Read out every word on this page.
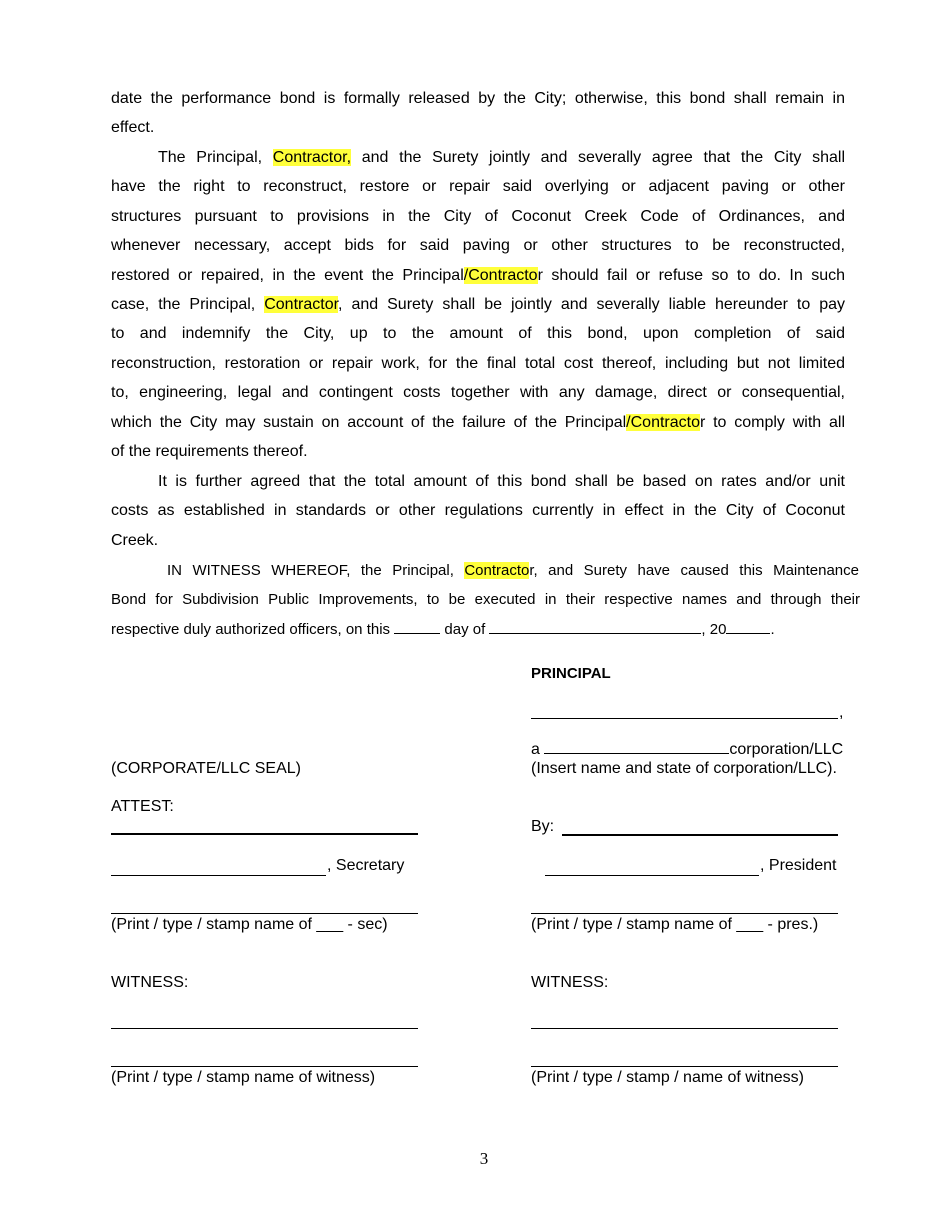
date the performance bond is formally released by the City; otherwise, this bond shall remain in
effect.
The Principal, Contractor, and the Surety jointly and severally agree that the City shall
have the right to reconstruct, restore or repair said overlying or adjacent paving or other
structures pursuant to provisions in the City of Coconut Creek Code of Ordinances, and
whenever necessary, accept bids for said paving or other structures to be reconstructed,
restored or repaired, in the event the Principal/Contractor should fail or refuse so to do. In such
case, the Principal, Contractor, and Surety shall be jointly and severally liable hereunder to pay
to and indemnify the City, up to the amount of this bond, upon completion of said
reconstruction, restoration or repair work, for the final total cost thereof, including but not limited
to, engineering, legal and contingent costs together with any damage, direct or consequential,
which the City may sustain on account of the failure of the Principal/Contractor to comply with all
of the requirements thereof.
It is further agreed that the total amount of this bond shall be based on rates and/or unit
costs as established in standards or other regulations currently in effect in the City of Coconut
Creek.
IN WITNESS WHEREOF, the Principal, Contractor, and Surety have caused this Maintenance
Bond for Subdivision Public Improvements, to be executed in their respective names and through their
respective duly authorized officers, on this	day of	, 20	.
PRINCIPAL
,
a	corporation/LLC
(Insert name and state of corporation/LLC).
(CORPORATE/LLC SEAL)
ATTEST:
By:
, Secretary	, President
(Print / type / stamp name of ___ - sec)	(Print / type / stamp name of ___ - pres.)
WITNESS:	WITNESS:
(Print / type / stamp name of witness)	(Print / type / stamp / name of witness)
3
